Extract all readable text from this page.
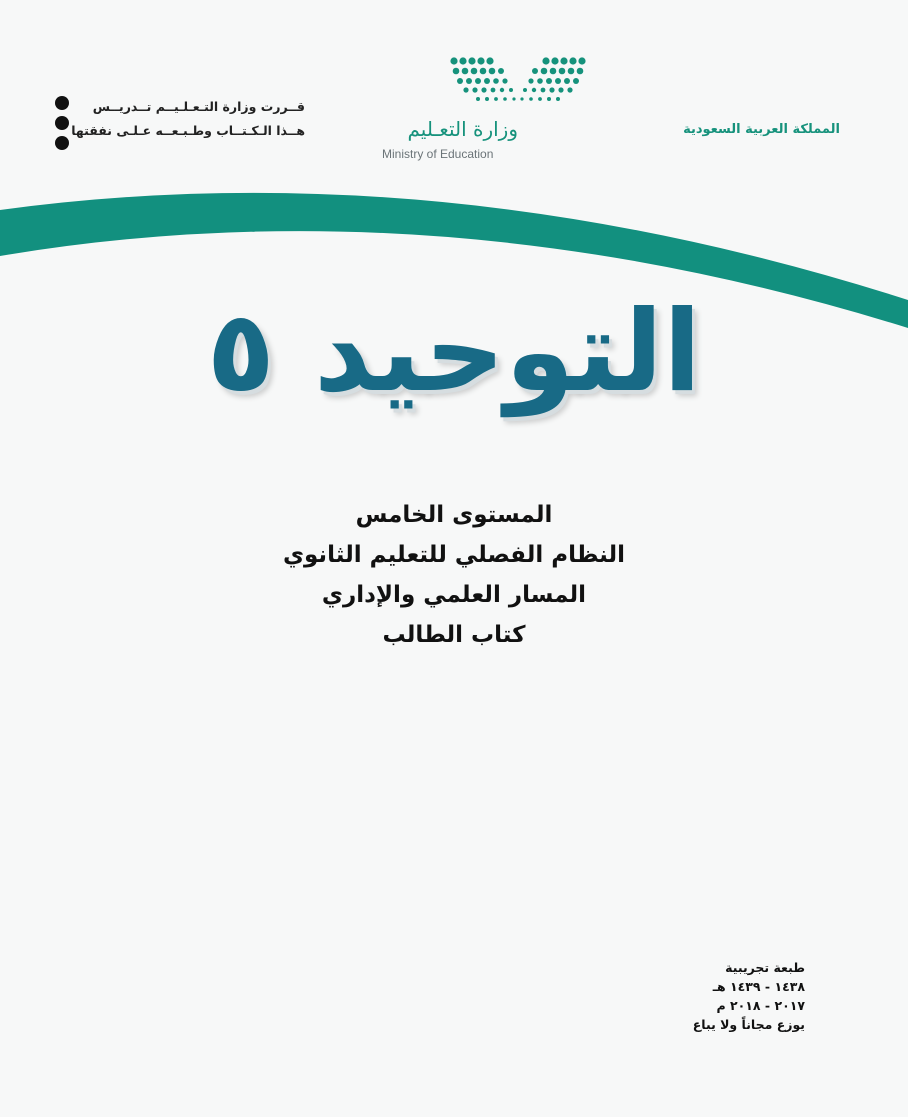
المملكة العربية السعودية
وزارة التعـليم
Ministry of Education
قــررت وزارة التـعـلـيــم تــدريــس
هــذا الـكـتــاب وطـبـعــه عـلـى نفقتها
التوحيد ٥
المستوى الخامس
النظام الفصلي للتعليم الثانوي
المسار العلمي والإداري
كتاب الطالب
طبعة تجريبية
١٤٣٨ - ١٤٣٩ هـ
٢٠١٧ - ٢٠١٨ م
يوزع مجاناً ولا يباع
